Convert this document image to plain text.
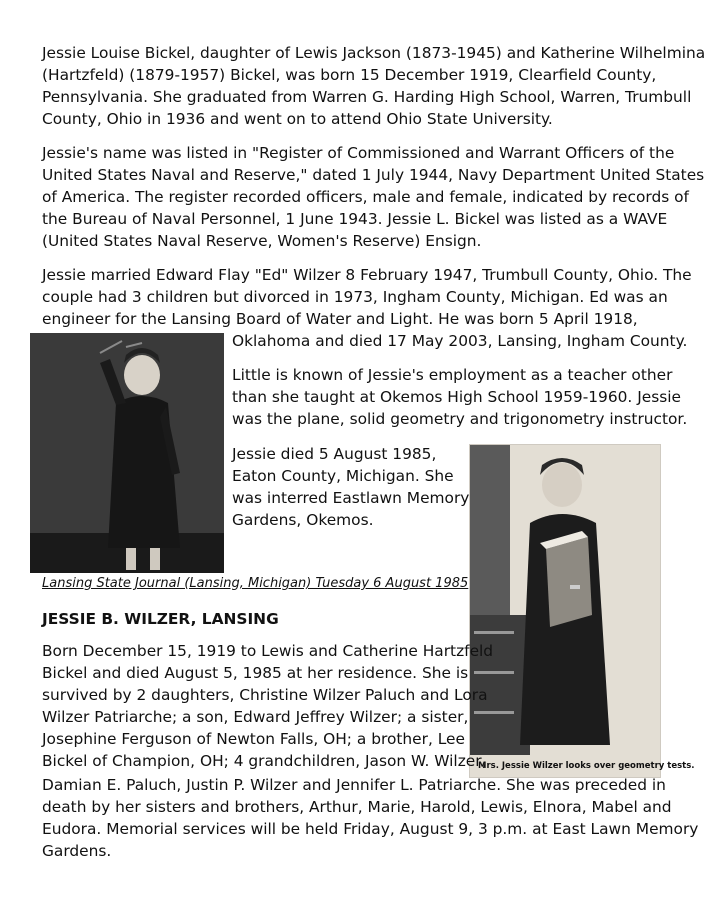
Jessie Louise Bickel, daughter of Lewis Jackson (1873-1945) and Katherine Wilhelmina
(Hartzfeld) (1879-1957) Bickel, was born 15 December 1919, Clearfield County,
Pennsylvania. She graduated from Warren G. Harding High School, Warren, Trumbull
County, Ohio in 1936 and went on to attend Ohio State University.
Jessie's name was listed in "Register of Commissioned and Warrant Officers of the
United States Naval and Reserve," dated 1 July 1944, Navy Department United States
of America. The register recorded officers, male and female, indicated by records of
the Bureau of Naval Personnel, 1 June 1943. Jessie L. Bickel was listed as a WAVE
(United States Naval Reserve, Women's Reserve) Ensign.
Jessie married Edward Flay "Ed" Wilzer 8 February 1947, Trumbull County, Ohio. The
couple had 3 children but divorced in 1973, Ingham County, Michigan. Ed was an
engineer for the Lansing Board of Water and Light. He was born 5 April 1918,
Oklahoma and died 17 May 2003, Lansing, Ingham County.
Little is known of Jessie's employment as a teacher other
than she taught at Okemos High School 1959-1960. Jessie
was the plane, solid geometry and trigonometry instructor.
Jessie died 5 August 1985,
Eaton County, Michigan. She
was interred Eastlawn Memory
Gardens, Okemos.
Mrs. Jessie Wilzer looks over geometry tests.
Lansing State Journal (Lansing, Michigan) Tuesday 6 August 1985
JESSIE B. WILZER, LANSING
Born December 15, 1919 to Lewis and Catherine Hartzfeld
Bickel and died August 5, 1985 at her residence. She is
survived by 2 daughters, Christine Wilzer Paluch and Lora
Wilzer Patriarche; a son, Edward Jeffrey Wilzer; a sister,
Josephine Ferguson of Newton Falls, OH; a brother, Lee
Bickel of Champion, OH; 4 grandchildren, Jason W. Wilzer,
Damian E. Paluch, Justin P. Wilzer and Jennifer L. Patriarche. She was preceded in
death by her sisters and brothers, Arthur, Marie, Harold, Lewis, Elnora, Mabel and
Eudora. Memorial services will be held Friday, August 9, 3 p.m. at East Lawn Memory
Gardens.
